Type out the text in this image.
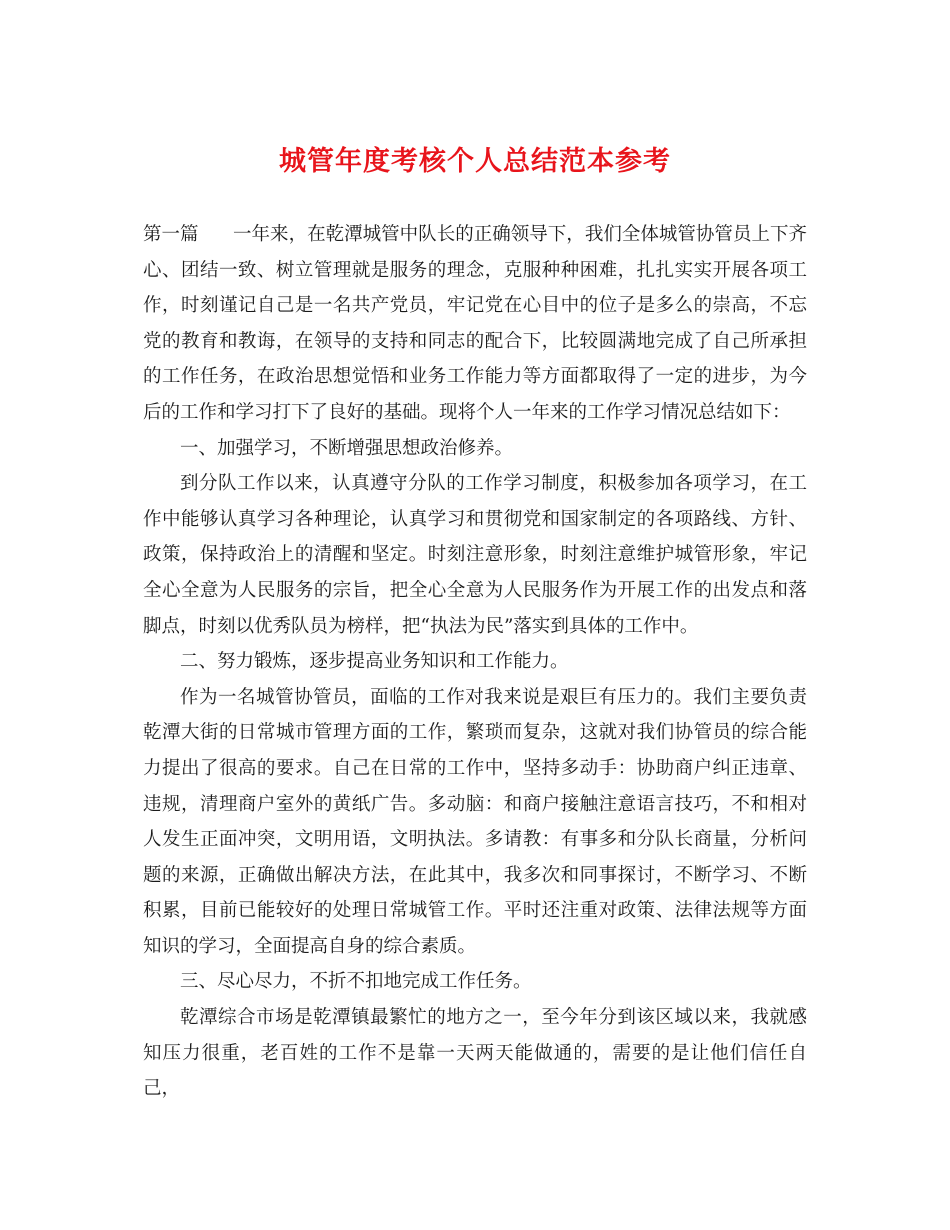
城管年度考核个人总结范本参考

第一篇 一年来，在乾潭城管中队长的正确领导下，我们全体城管协管员上下齐心、团结一致、树立管理就是服务的理念，克服种种困难，扎扎实实开展各项工作，时刻谨记自己是一名共产党员，牢记党在心目中的位子是多么的崇高，不忘党的教育和教诲，在领导的支持和同志的配合下，比较圆满地完成了自己所承担的工作任务，在政治思想觉悟和业务工作能力等方面都取得了一定的进步，为今后的工作和学习打下了良好的基础。现将个人一年来的工作学习情况总结如下：

一、加强学习，不断增强思想政治修养。

到分队工作以来，认真遵守分队的工作学习制度，积极参加各项学习，在工作中能够认真学习各种理论，认真学习和贯彻党和国家制定的各项路线、方针、政策，保持政治上的清醒和坚定。时刻注意形象，时刻注意维护城管形象，牢记全心全意为人民服务的宗旨，把全心全意为人民服务作为开展工作的出发点和落脚点，时刻以优秀队员为榜样，把“执法为民”落实到具体的工作中。

二、努力锻炼，逐步提高业务知识和工作能力。

作为一名城管协管员，面临的工作对我来说是艰巨有压力的。我们主要负责乾潭大街的日常城市管理方面的工作，繁琐而复杂，这就对我们协管员的综合能力提出了很高的要求。自己在日常的工作中，坚持多动手：协助商户纠正违章、违规，清理商户室外的黄纸广告。多动脑：和商户接触注意语言技巧，不和相对人发生正面冲突，文明用语，文明执法。多请教：有事多和分队长商量，分析问题的来源，正确做出解决方法，在此其中，我多次和同事探讨，不断学习、不断积累，目前已能较好的处理日常城管工作。平时还注重对政策、法律法规等方面知识的学习，全面提高自身的综合素质。

三、尽心尽力，不折不扣地完成工作任务。

乾潭综合市场是乾潭镇最繁忙的地方之一，至今年分到该区域以来，我就感知压力很重，老百姓的工作不是靠一天两天能做通的，需要的是让他们信任自己，
